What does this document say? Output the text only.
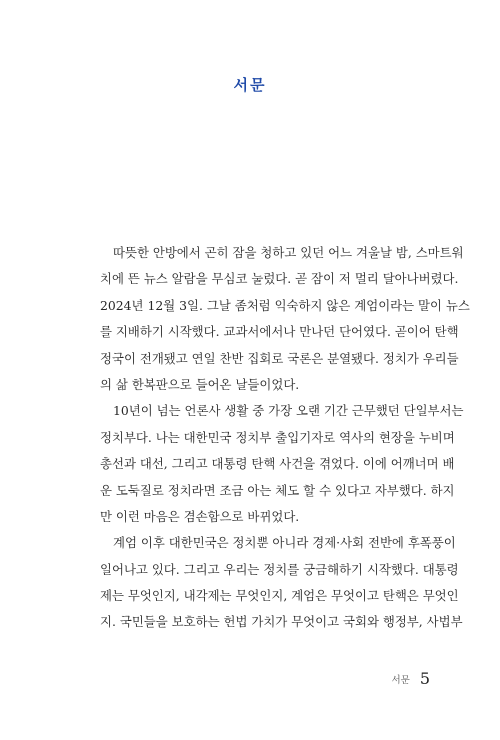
서문
따뜻한 안방에서 곤히 잠을 청하고 있던 어느 겨울날 밤, 스마트워
치에 뜬 뉴스 알람을 무심코 눌렀다. 곧 잠이 저 멀리 달아나버렸다.
2024년 12월 3일. 그날 좀처럼 익숙하지 않은 계엄이라는 말이 뉴스
를 지배하기 시작했다. 교과서에서나 만나던 단어였다. 곧이어 탄핵
정국이 전개됐고 연일 찬반 집회로 국론은 분열됐다. 정치가 우리들
의 삶 한복판으로 들어온 날들이었다.
10년이 넘는 언론사 생활 중 가장 오랜 기간 근무했던 단일부서는
정치부다. 나는 대한민국 정치부 출입기자로 역사의 현장을 누비며
총선과 대선, 그리고 대통령 탄핵 사건을 겪었다. 이에 어깨너머 배
운 도둑질로 정치라면 조금 아는 체도 할 수 있다고 자부했다. 하지
만 이런 마음은 겸손함으로 바뀌었다.
계엄 이후 대한민국은 정치뿐 아니라 경제·사회 전반에 후폭풍이
일어나고 있다. 그리고 우리는 정치를 궁금해하기 시작했다. 대통령
제는 무엇인지, 내각제는 무엇인지, 계엄은 무엇이고 탄핵은 무엇인
지. 국민들을 보호하는 헌법 가치가 무엇이고 국회와 행정부, 사법부
서문 5
